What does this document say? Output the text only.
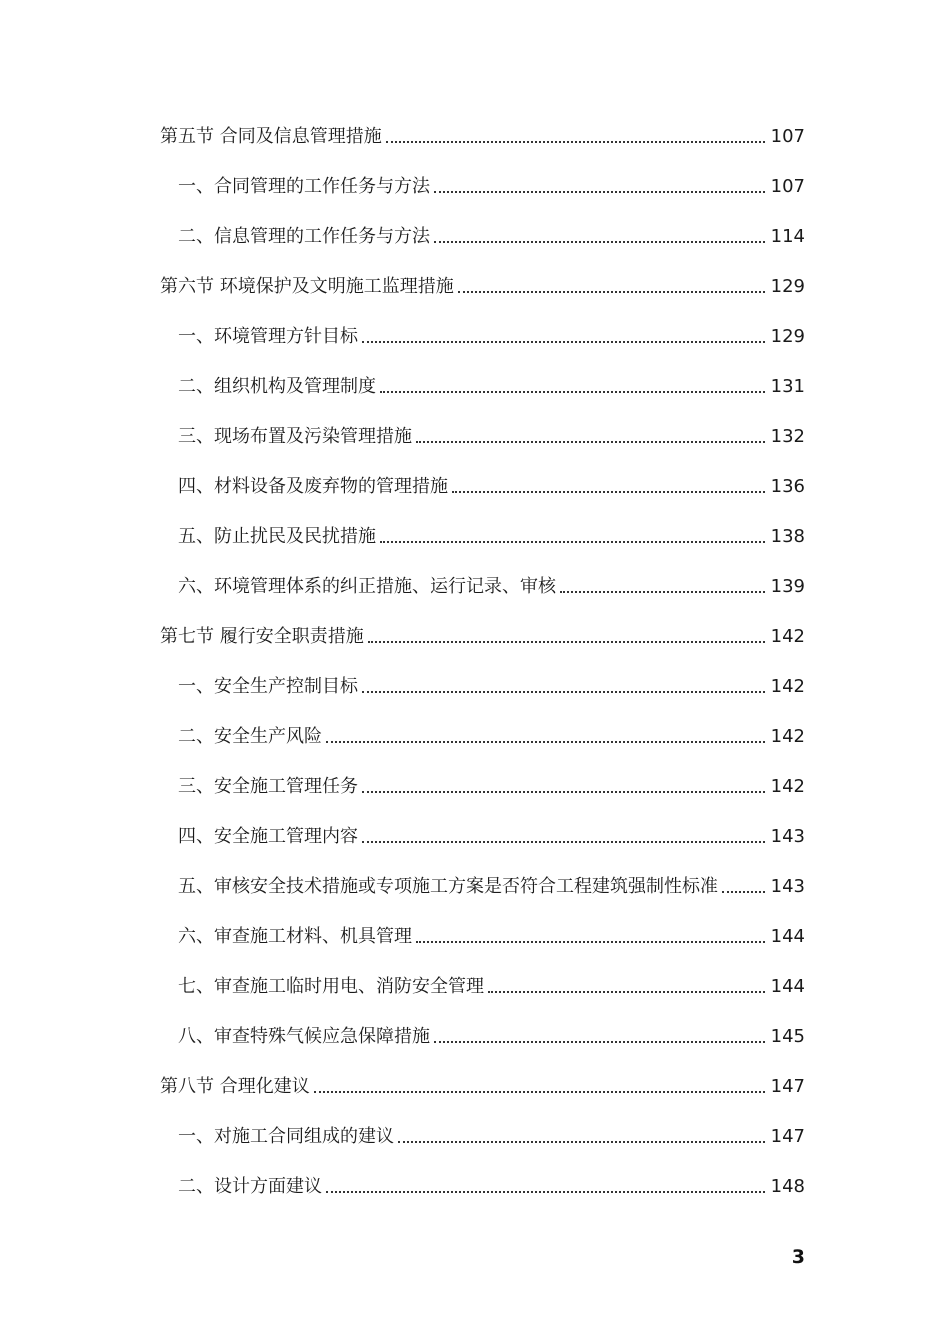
第五节 合同及信息管理措施	107
一、合同管理的工作任务与方法	107
二、信息管理的工作任务与方法	114
第六节 环境保护及文明施工监理措施	129
一、环境管理方针目标	129
二、组织机构及管理制度	131
三、现场布置及污染管理措施	132
四、材料设备及废弃物的管理措施	136
五、防止扰民及民扰措施	138
六、环境管理体系的纠正措施、运行记录、审核	139
第七节 履行安全职责措施	142
一、安全生产控制目标	142
二、安全生产风险	142
三、安全施工管理任务	142
四、安全施工管理内容	143
五、审核安全技术措施或专项施工方案是否符合工程建筑强制性标准	143
六、审查施工材料、机具管理	144
七、审查施工临时用电、消防安全管理	144
八、审查特殊气候应急保障措施	145
第八节 合理化建议	147
一、对施工合同组成的建议	147
二、设计方面建议	148
3
